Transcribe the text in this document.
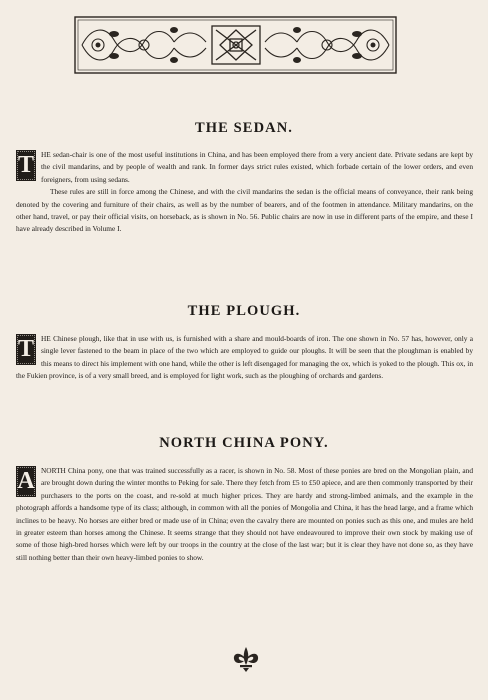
THE SEDAN.

T HE sedan-chair is one of the most useful institutions in China, and has been employed there from a very ancient date. Private sedans are kept by the civil mandarins, and by people of wealth and rank. In former days strict rules existed, which forbade certain of the lower orders, and even foreigners, from using sedans.

These rules are still in force among the Chinese, and with the civil mandarins the sedan is the official means of conveyance, their rank being denoted by the covering and furniture of their chairs, as well as by the number of bearers, and of the footmen in attendance. Military mandarins, on the other hand, travel, or pay their official visits, on horseback, as is shown in No. 56. Public chairs are now in use in different parts of the empire, and these I have already described in Volume I.

THE PLOUGH.

T HE Chinese plough, like that in use with us, is furnished with a share and mould-boards of iron. The one shown in No. 57 has, however, only a single lever fastened to the beam in place of the two which are employed to guide our ploughs. It will be seen that the ploughman is enabled by this means to direct his implement with one hand, while the other is left disengaged for managing the ox, which is yoked to the plough. This ox, in the Fukien province, is of a very small breed, and is employed for light work, such as the ploughing of orchards and gardens.

NORTH CHINA PONY.

A NORTH China pony, one that was trained successfully as a racer, is shown in No. 58. Most of these ponies are bred on the Mongolian plain, and are brought down during the winter months to Peking for sale. There they fetch from £5 to £50 apiece, and are then commonly transported by their purchasers to the ports on the coast, and re-sold at much higher prices. They are hardy and strong-limbed animals, and the example in the photograph affords a handsome type of its class; although, in common with all the ponies of Mongolia and China, it has the head large, and a frame which inclines to be heavy. No horses are either bred or made use of in China; even the cavalry there are mounted on ponies such as this one, and mules are held in greater esteem than horses among the Chinese. It seems strange that they should not have endeavoured to improve their own stock by making use of some of those high-bred horses which were left by our troops in the country at the close of the last war; but it is clear they have not done so, as they have still nothing better than their own heavy-limbed ponies to show.
